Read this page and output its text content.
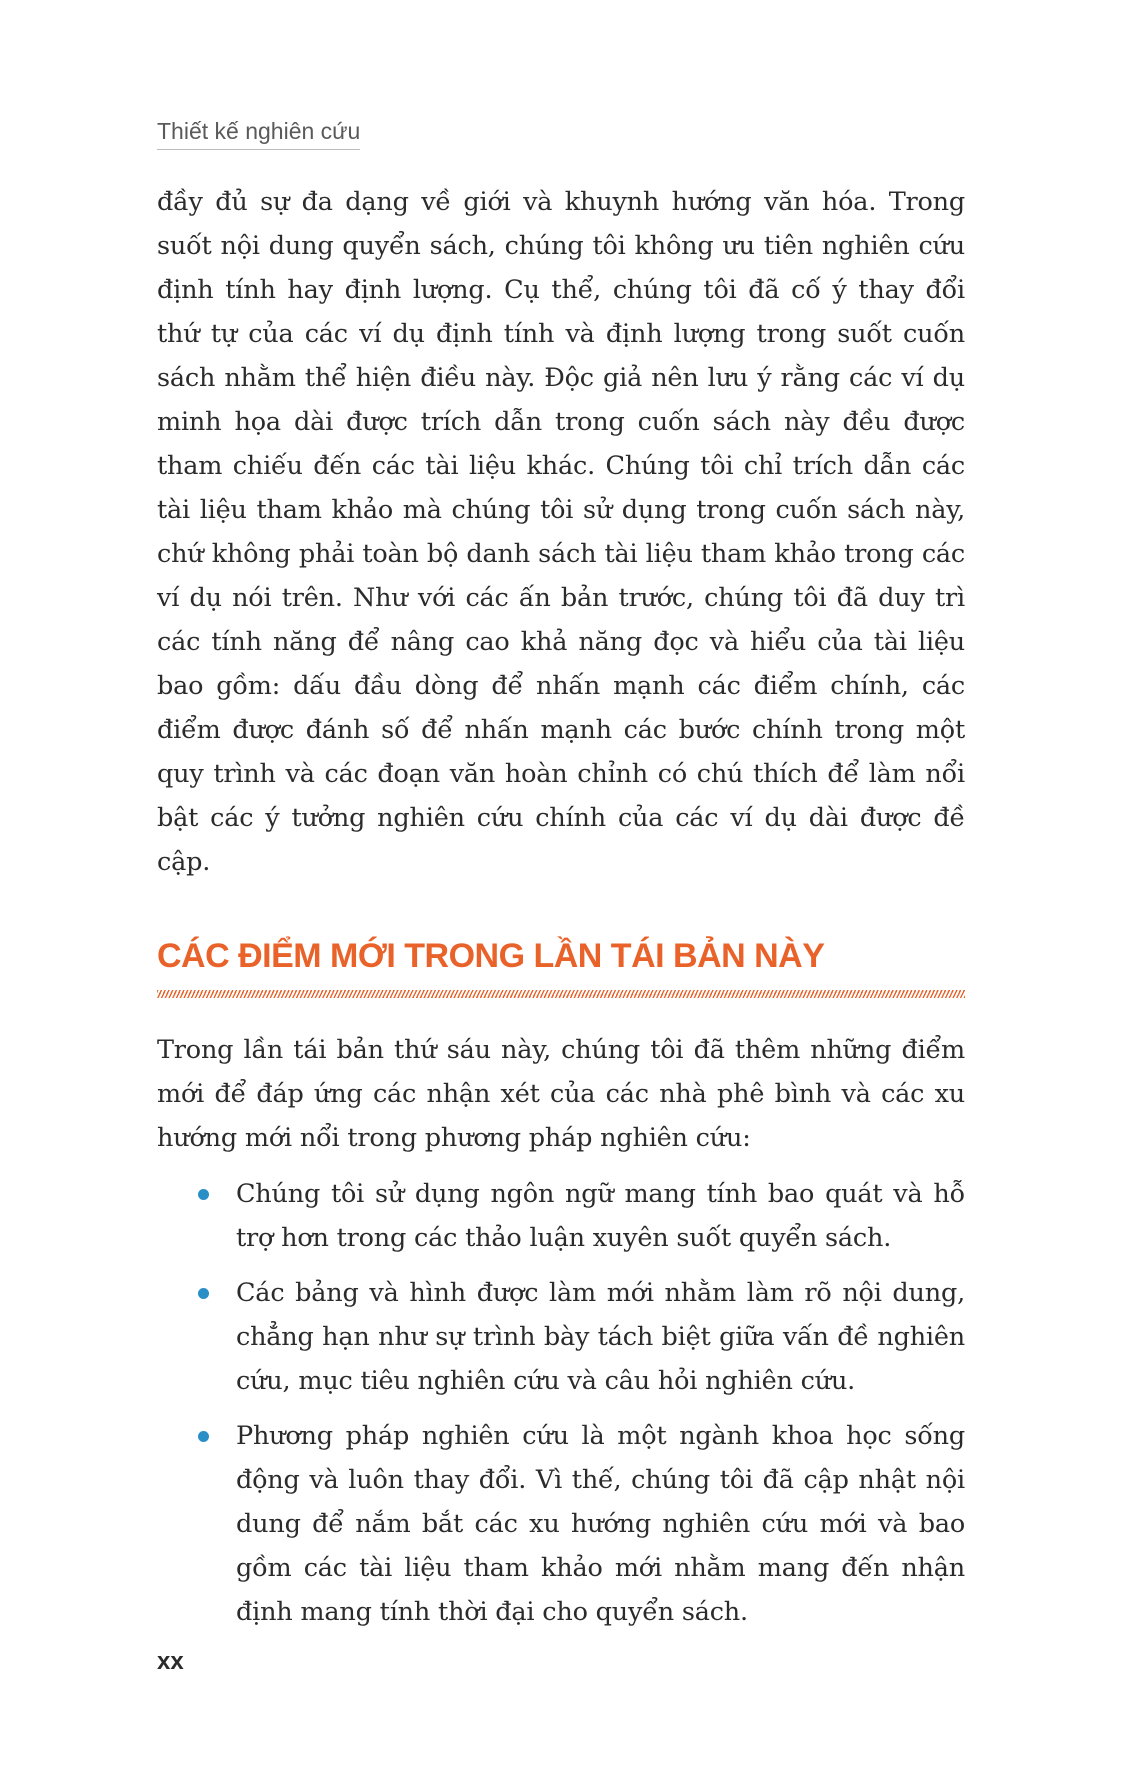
Thiết kế nghiên cứu

đầy đủ sự đa dạng về giới và khuynh hướng văn hóa. Trong suốt nội dung quyển sách, chúng tôi không ưu tiên nghiên cứu định tính hay định lượng. Cụ thể, chúng tôi đã cố ý thay đổi thứ tự của các ví dụ định tính và định lượng trong suốt cuốn sách nhằm thể hiện điều này. Độc giả nên lưu ý rằng các ví dụ minh họa dài được trích dẫn trong cuốn sách này đều được tham chiếu đến các tài liệu khác. Chúng tôi chỉ trích dẫn các tài liệu tham khảo mà chúng tôi sử dụng trong cuốn sách này, chứ không phải toàn bộ danh sách tài liệu tham khảo trong các ví dụ nói trên. Như với các ấn bản trước, chúng tôi đã duy trì các tính năng để nâng cao khả năng đọc và hiểu của tài liệu bao gồm: dấu đầu dòng để nhấn mạnh các điểm chính, các điểm được đánh số để nhấn mạnh các bước chính trong một quy trình và các đoạn văn hoàn chỉnh có chú thích để làm nổi bật các ý tưởng nghiên cứu chính của các ví dụ dài được đề cập.

CÁC ĐIỂM MỚI TRONG LẦN TÁI BẢN NÀY

Trong lần tái bản thứ sáu này, chúng tôi đã thêm những điểm mới để đáp ứng các nhận xét của các nhà phê bình và các xu hướng mới nổi trong phương pháp nghiên cứu:

Chúng tôi sử dụng ngôn ngữ mang tính bao quát và hỗ trợ hơn trong các thảo luận xuyên suốt quyển sách.

Các bảng và hình được làm mới nhằm làm rõ nội dung, chẳng hạn như sự trình bày tách biệt giữa vấn đề nghiên cứu, mục tiêu nghiên cứu và câu hỏi nghiên cứu.

Phương pháp nghiên cứu là một ngành khoa học sống động và luôn thay đổi. Vì thế, chúng tôi đã cập nhật nội dung để nắm bắt các xu hướng nghiên cứu mới và bao gồm các tài liệu tham khảo mới nhằm mang đến nhận định mang tính thời đại cho quyển sách.

xx
